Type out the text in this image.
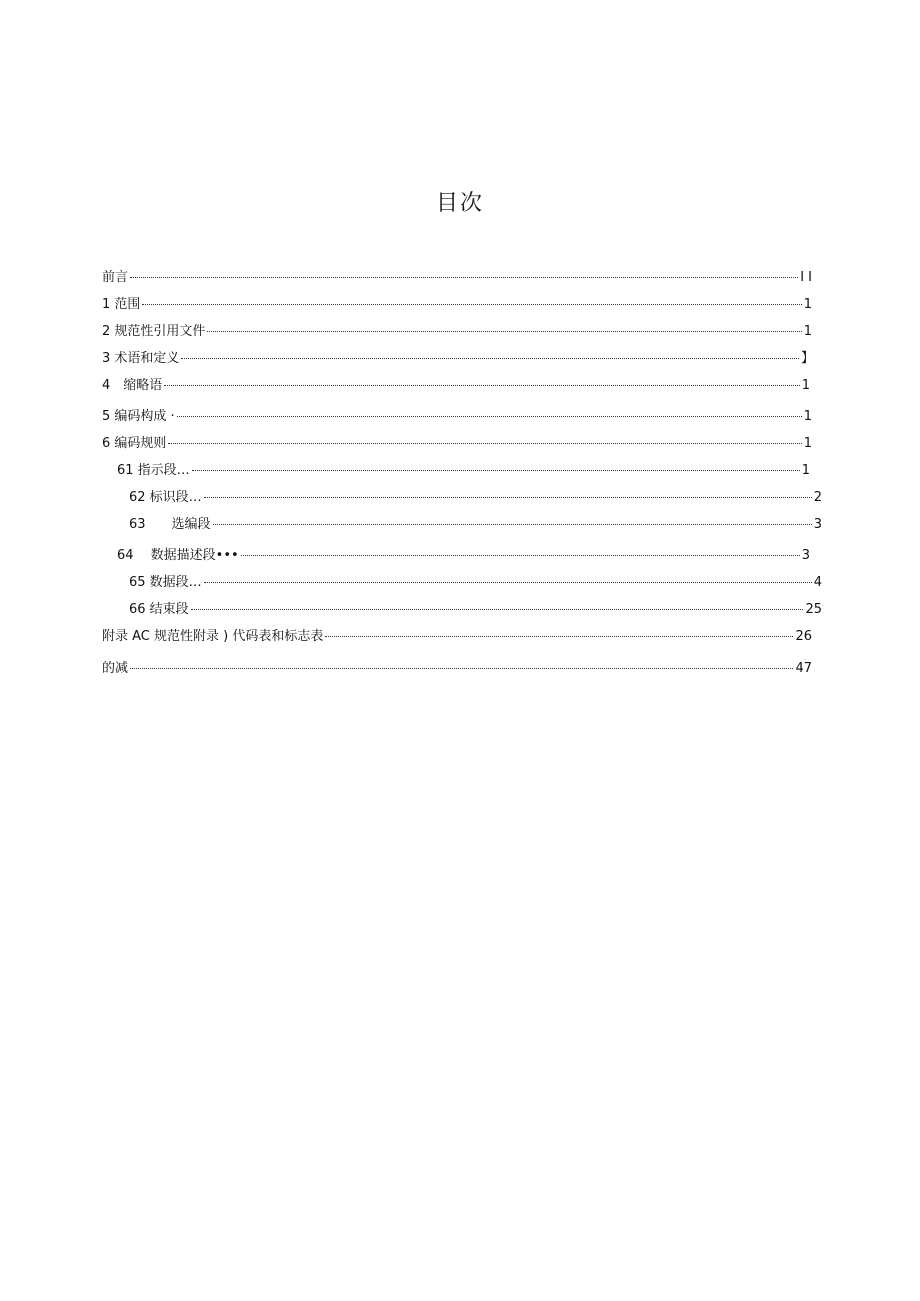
目次
前言	I I
1 范围	1
2 规范性引用文件	1
3 术语和定义	】
4　缩略语	1
5 编码构成 ·	1
6 编码规则	1
61 指示段…	1
62 标识段…	2
63　　选编段	3
64　 数据描述段•••	3
65 数据段…	4
66 结束段	25
附录 AC 规范性附录 ) 代码表和标志表	26
的减	47
